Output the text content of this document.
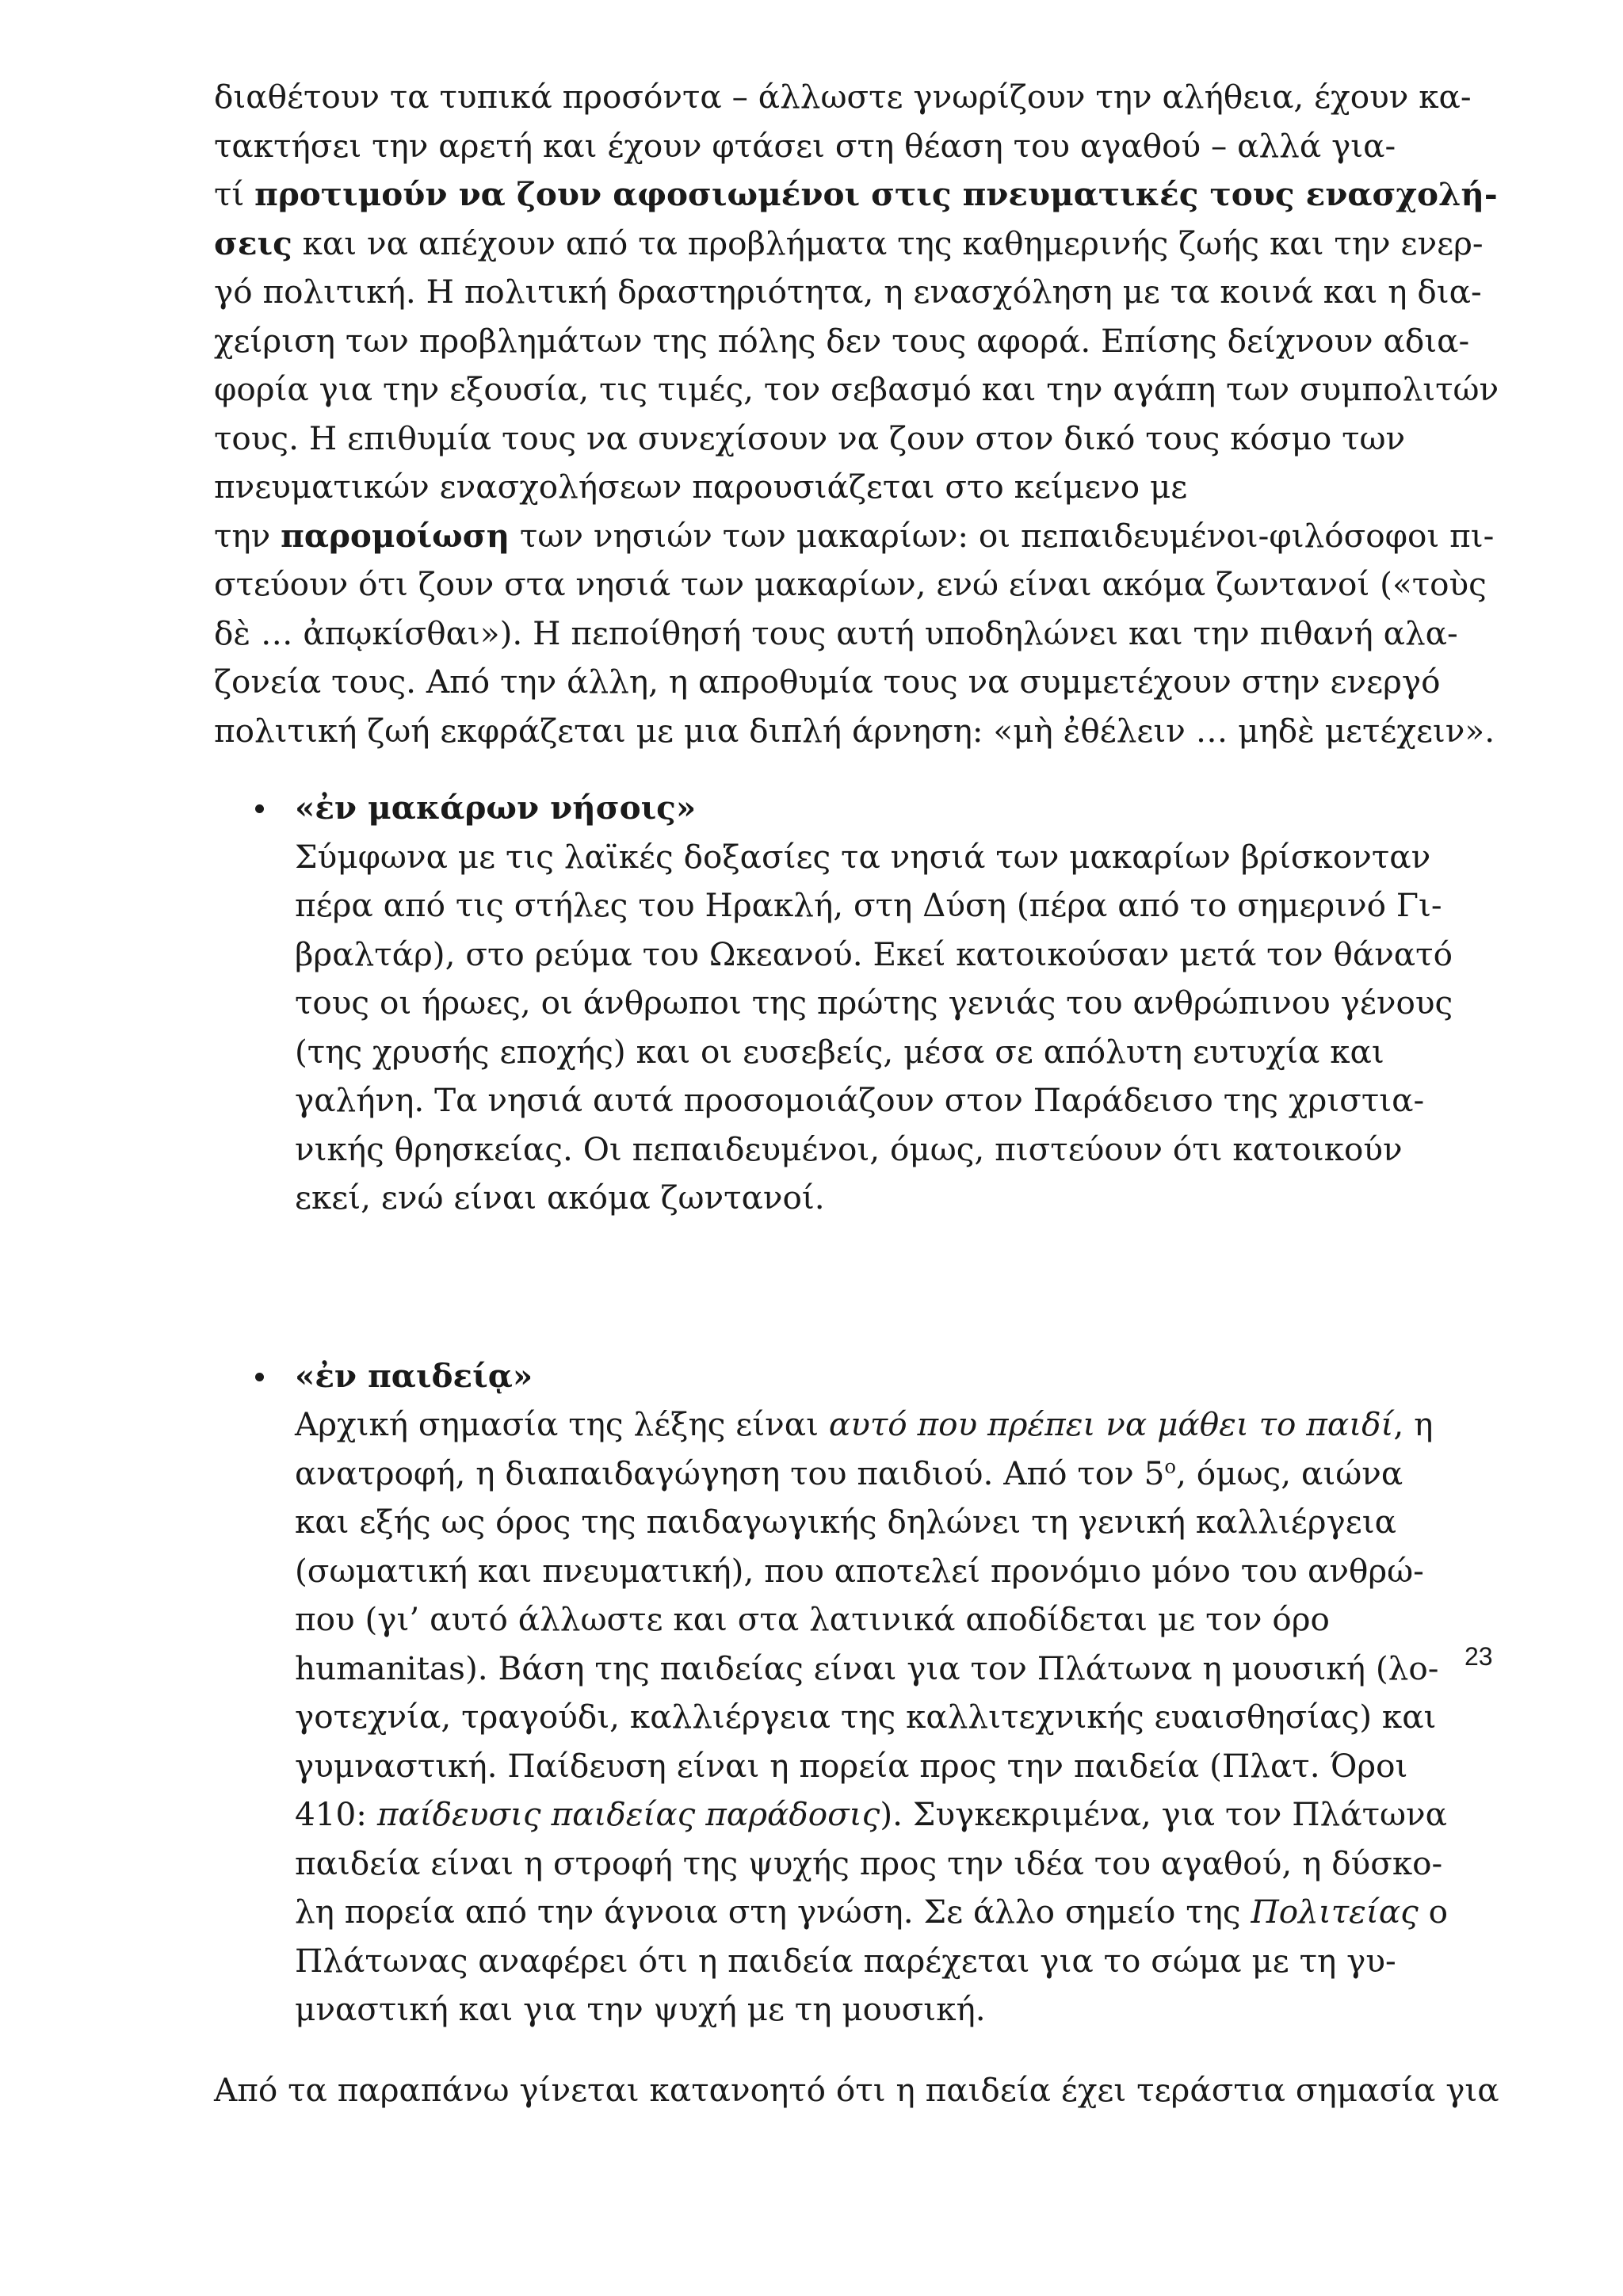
διαθέτουν τα τυπικά προσόντα – άλλωστε γνωρίζουν την αλήθεια, έχουν κα-

τακτήσει την αρετή και έχουν φτάσει στη θέαση του αγαθού – αλλά για-

τί προτιμούν να ζουν αφοσιωμένοι στις πνευματικές τους ενασχολή-

σεις και να απέχουν από τα προβλήματα της καθημερινής ζωής και την ενερ-

γό πολιτική. Η πολιτική δραστηριότητα, η ενασχόληση με τα κοινά και η δια-

χείριση των προβλημάτων της πόλης δεν τους αφορά. Επίσης δείχνουν αδια-

φορία για την εξουσία, τις τιμές, τον σεβασμό και την αγάπη των συμπολιτών

τους. Η επιθυμία τους να συνεχίσουν να ζουν στον δικό τους κόσμο των

πνευματικών ενασχολήσεων παρουσιάζεται στο κείμενο με

την παρομοίωση των νησιών των μακαρίων: οι πεπαιδευμένοι-φιλόσοφοι πι-

στεύουν ότι ζουν στα νησιά των μακαρίων, ενώ είναι ακόμα ζωντανοί («τοὺς

δὲ … ἀπῳκίσθαι»). Η πεποίθησή τους αυτή υποδηλώνει και την πιθανή αλα-

ζονεία τους. Από την άλλη, η απροθυμία τους να συμμετέχουν στην ενεργό

πολιτική ζωή εκφράζεται με μια διπλή άρνηση: «μὴ ἐθέλειν … μηδὲ μετέχειν».

«ἐν μακάρων νήσοις»

Σύμφωνα με τις λαϊκές δοξασίες τα νησιά των μακαρίων βρίσκονταν

πέρα από τις στήλες του Ηρακλή, στη Δύση (πέρα από το σημερινό Γι-

βραλτάρ), στο ρεύμα του Ωκεανού. Εκεί κατοικούσαν μετά τον θάνατό

τους οι ήρωες, οι άνθρωποι της πρώτης γενιάς του ανθρώπινου γένους

(της χρυσής εποχής) και οι ευσεβείς, μέσα σε απόλυτη ευτυχία και

γαλήνη. Τα νησιά αυτά προσομοιάζουν στον Παράδεισο της χριστια-

νικής θρησκείας. Οι πεπαιδευμένοι, όμως, πιστεύουν ότι κατοικούν

εκεί, ενώ είναι ακόμα ζωντανοί.

«ἐν παιδείᾳ»

Αρχική σημασία της λέξης είναι αυτό που πρέπει να μάθει το παιδί, η

ανατροφή, η διαπαιδαγώγηση του παιδιού. Από τον $5^o$, όμως, αιώνα

και εξής ως όρος της παιδαγωγικής δηλώνει τη γενική καλλιέργεια

(σωματική και πνευματική), που αποτελεί προνόμιο μόνο του ανθρώ-

που (γι’ αυτό άλλωστε και στα λατινικά αποδίδεται με τον όρο

humanitas). Βάση της παιδείας είναι για τον Πλάτωνα η μουσική (λο-

γοτεχνία, τραγούδι, καλλιέργεια της καλλιτεχνικής ευαισθησίας) και

γυμναστική. Παίδευση είναι η πορεία προς την παιδεία (Πλατ. Όροι

410: παίδευσις παιδείας παράδοσις). Συγκεκριμένα, για τον Πλάτωνα

παιδεία είναι η στροφή της ψυχής προς την ιδέα του αγαθού, η δύσκο-

λη πορεία από την άγνοια στη γνώση. Σε άλλο σημείο της Πολιτείας ο

Πλάτωνας αναφέρει ότι η παιδεία παρέχεται για το σώμα με τη γυ-

μναστική και για την ψυχή με τη μουσική.

Από τα παραπάνω γίνεται κατανοητό ότι η παιδεία έχει τεράστια σημασία για

23
